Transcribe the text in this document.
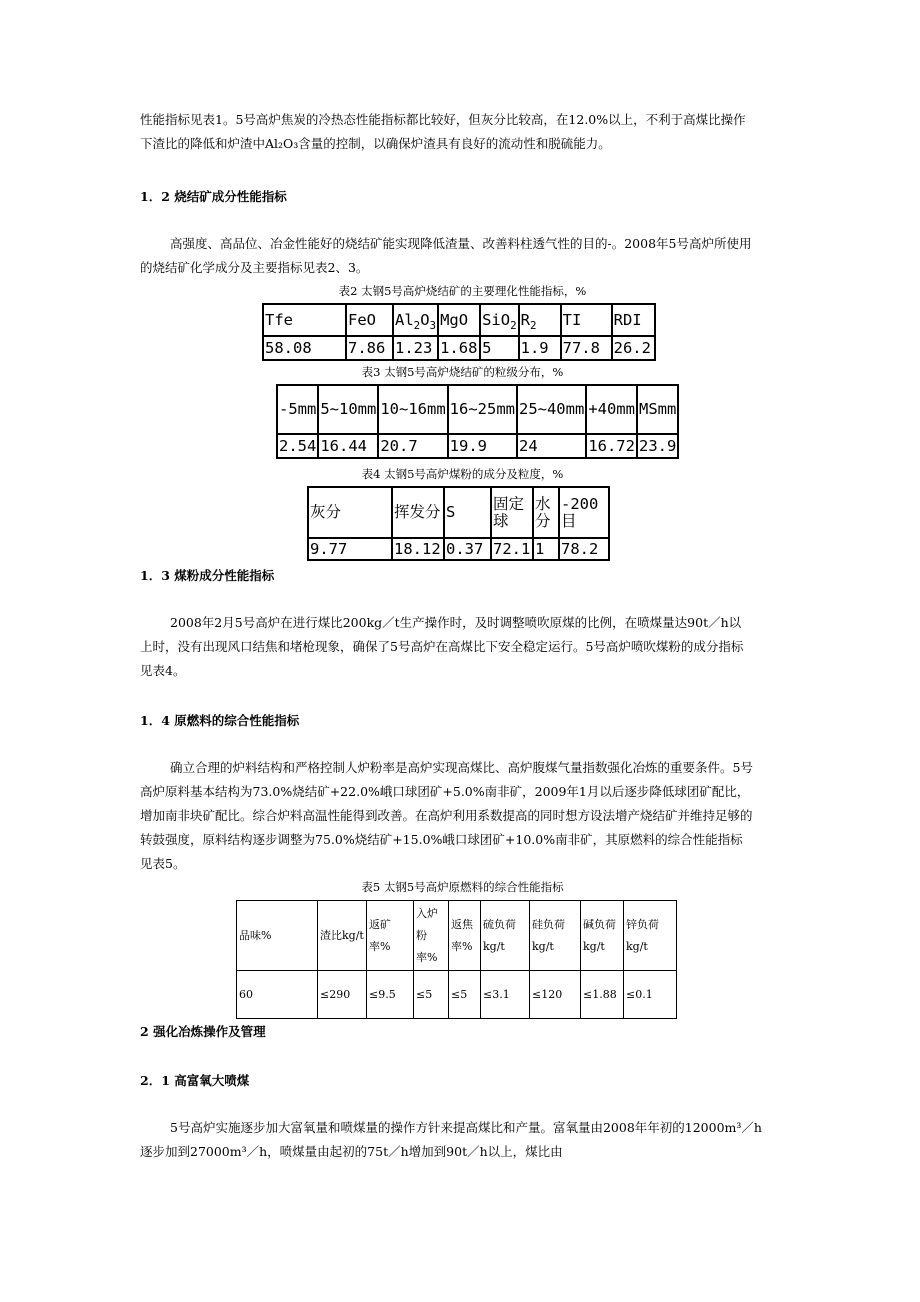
性能指标见表1。5号高炉焦炭的冷热态性能指标都比较好，但灰分比较高，在12.0%以上，不利于高煤比操作
下渣比的降低和炉渣中Al₂O₃含量的控制，以确保炉渣具有良好的流动性和脱硫能力。

1．2 烧结矿成分性能指标

高强度、高品位、冶金性能好的烧结矿能实现降低渣量、改善料柱透气性的目的-。2008年5号高炉所使用
的烧结矿化学成分及主要指标见表2、3。

表2 太钢5号高炉烧结矿的主要理化性能指标，%

Tfe	FeO	$Al_2O_3$	MgO	SiO$_2$	$R_2$	TI	RDI
58.08	7.86	1.23	1.68	5	1.9	77.8	26.2

表3 太钢5号高炉烧结矿的粒级分布，%

-5mm	5~10mm	10~16mm	16~25mm	25~40mm	+40mm	MSmm
2.54	16.44	20.7	19.9	24	16.72	23.9

表4 太钢5号高炉煤粉的成分及粒度，%

灰分	挥发分	S	固定球	水分	-200目
9.77	18.12	0.37	72.1	1	78.2
1．3 煤粉成分性能指标

2008年2月5号高炉在进行煤比200kg／t生产操作时，及时调整喷吹原煤的比例，在喷煤量达90t／h以
上时，没有出现风口结焦和堵枪现象，确保了5号高炉在高煤比下安全稳定运行。5号高炉喷吹煤粉的成分指标
见表4。

1．4 原燃料的综合性能指标

确立合理的炉料结构和严格控制人炉粉率是高炉实现高煤比、高炉腹煤气量指数强化冶炼的重要条件。5号
高炉原料基本结构为73.0%烧结矿+22.0%峨口球团矿+5.0%南非矿，2009年1月以后逐步降低球团矿配比，
增加南非块矿配比。综合炉料高温性能得到改善。在高炉利用系数提高的同时想方设法增产烧结矿并维持足够的
转鼓强度，原料结构逐步调整为75.0%烧结矿+15.0%峨口球团矿+10.0%南非矿，其原燃料的综合性能指标
见表5。

表5 太钢5号高炉原燃料的综合性能指标

品味%	渣比kg/t	返矿率%	入炉粉率%	返焦率%	硫负荷kg/t	硅负荷kg/t	碱负荷kg/t	锌负荷kg/t
60	≤290	≤9.5	≤5	≤5	≤3.1	≤120	≤1.88	≤0.1
2 强化冶炼操作及管理
2．1 高富氧大喷煤

5号高炉实施逐步加大富氧量和喷煤量的操作方针来提高煤比和产量。富氧量由2008年年初的12000m³／h
逐步加到27000m³／h，喷煤量由起初的75t／h增加到90t／h以上，煤比由
